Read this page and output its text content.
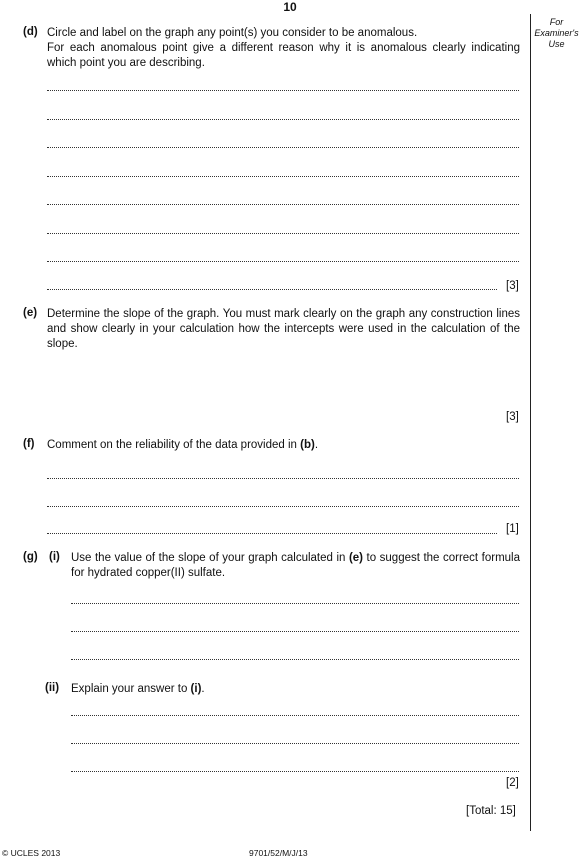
10
For
Examiner's
Use
(d) Circle and label on the graph any point(s) you consider to be anomalous.
For each anomalous point give a different reason why it is anomalous clearly indicating which point you are describing.
[3]
(e) Determine the slope of the graph. You must mark clearly on the graph any construction lines and show clearly in your calculation how the intercepts were used in the calculation of the slope.
[3]
(f) Comment on the reliability of the data provided in (b).
[1]
(g) (i) Use the value of the slope of your graph calculated in (e) to suggest the correct formula for hydrated copper(II) sulfate.
(ii) Explain your answer to (i).
[2]
[Total: 15]
© UCLES 2013	9701/52/M/J/13
